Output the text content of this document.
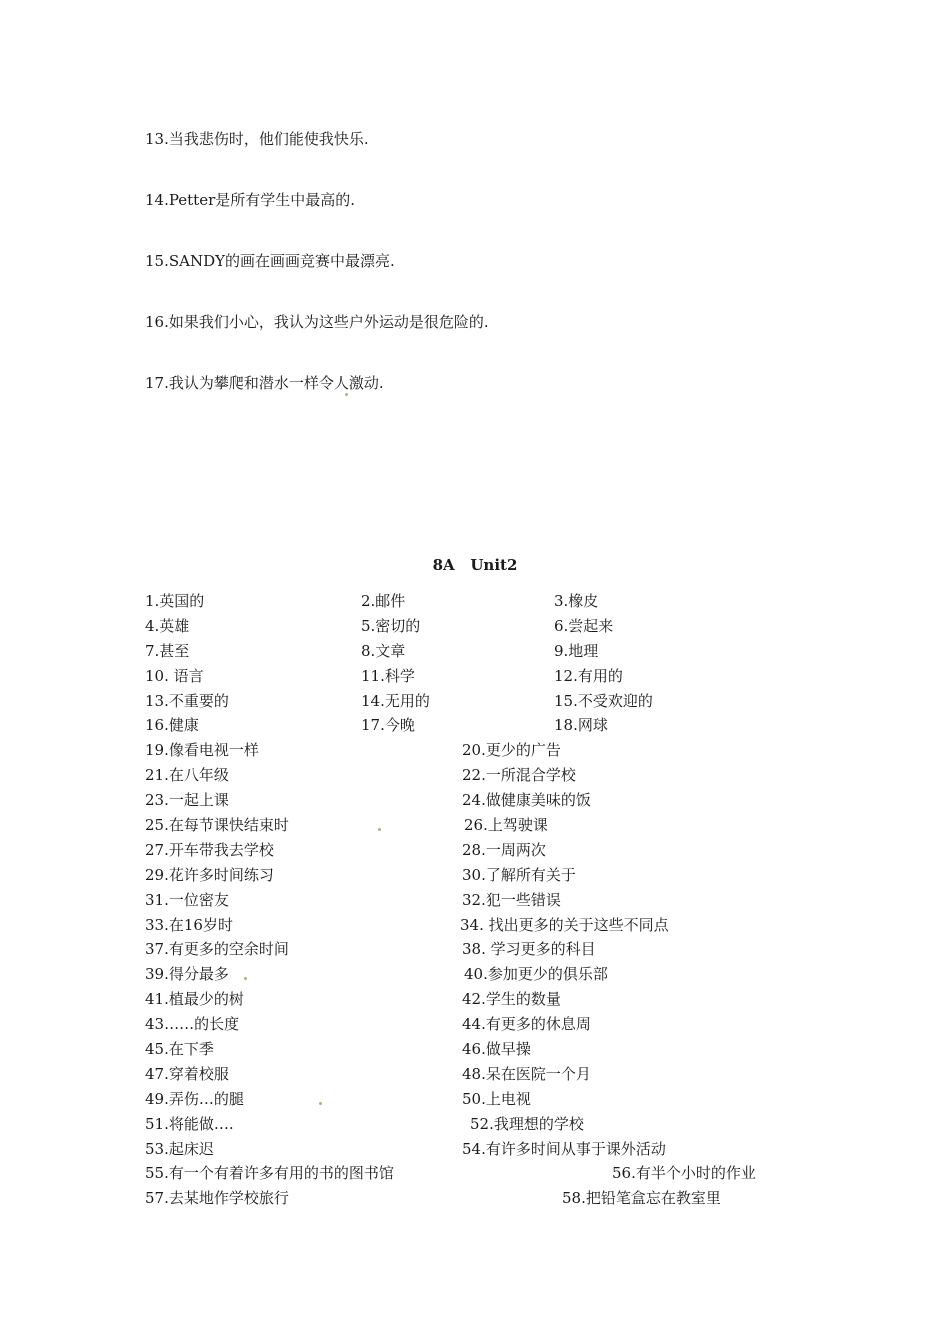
13.当我悲伤时，他们能使我快乐.
14.Petter是所有学生中最高的.
15.SANDY的画在画画竞赛中最漂亮.
16.如果我们小心，我认为这些户外运动是很危险的.
17.我认为攀爬和潜水一样令人激动.
8A   Unit2
1.英国的	2.邮件	3.橡皮
4.英雄	5.密切的	6.尝起来
7.甚至	8.文章	9.地理
10. 语言	11.科学	12.有用的
13.不重要的	14.无用的	15.不受欢迎的
16.健康	17.今晚	18.网球
19.像看电视一样	20.更少的广告
21.在八年级	22.一所混合学校
23.一起上课	24.做健康美味的饭
25.在每节课快结束时	26.上驾驶课
27.开车带我去学校	28.一周两次
29.花许多时间练习	30.了解所有关于
31.一位密友	32.犯一些错误
33.在16岁时	34. 找出更多的关于这些不同点
37.有更多的空余时间	38. 学习更多的科目
39.得分最多	40.参加更少的俱乐部
41.植最少的树	42.学生的数量
43……的长度	44.有更多的休息周
45.在下季	46.做早操
47.穿着校服	48.呆在医院一个月
49.弄伤…的腿	50.上电视
51.将能做….	52.我理想的学校
53.起床迟	54.有许多时间从事于课外活动
55.有一个有着许多有用的书的图书馆	56.有半个小时的作业
57.去某地作学校旅行	58.把铅笔盒忘在教室里
